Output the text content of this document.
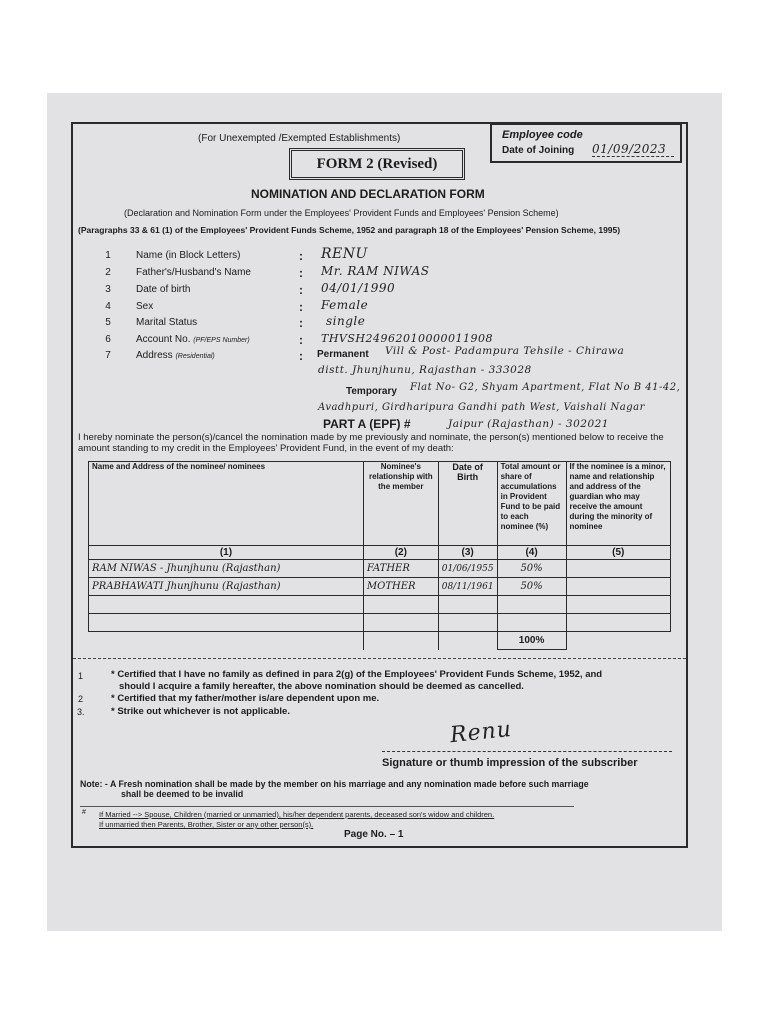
(For Unexempted /Exempted Establishments)	Employee code
Date of Joining 01/09/2023
FORM 2 (Revised)
NOMINATION AND DECLARATION FORM
(Declaration and Nomination Form under the Employees' Provident Funds and Employees' Pension Scheme)
(Paragraphs 33 & 61 (1) of the Employees' Provident Funds Scheme, 1952 and paragraph 18 of the Employees' Pension Scheme, 1995)
1	Name (in Block Letters)	: RENU
2	Father's/Husband's Name	: Mr. RAM NIWAS
3	Date of birth	: 04/01/1990
4	Sex	: Female
5	Marital Status	: single
6	Account No. (PF/EPS Number)	: THVSH24962010000011908
7	Address (Residential)	: Permanent Vill & Post- Padampura Tehsile - Chirawa
distt. Jhunjhunu, Rajasthan - 333028
Temporary Flat No- G2, Shyam Apartment, Flat No B 41-42,
Avadhpuri, Girdharipura Gandhi path West, Vaishali Nagar
Jaipur (Rajasthan) - 302021
PART A (EPF) #
I hereby nominate the person(s)/cancel the nomination made by me previously and nominate, the person(s) mentioned below to receive the amount standing to my credit in the Employees' Provident Fund, in the event of my death:
Name and Address of the nominee/ nominees	Nominee's relationship with the member	Date of Birth	Total amount or share of accumulations in Provident Fund to be paid to each nominee (%)	If the nominee is a minor, name and relationship and address of the guardian who may receive the amount during the minority of nominee
(1)	(2)	(3)	(4)	(5)
RAM NIWAS - Jhunjhunu (Rajasthan)	FATHER	01/06/1955	50%	
PRABHAWATI Jhunjhunu (Rajasthan)	MOTHER	08/11/1961	50%	

			100%	
1	* Certified that I have no family as defined in para 2(g) of the Employees' Provident Funds Scheme, 1952, and
should I acquire a family hereafter, the above nomination should be deemed as cancelled.
2	* Certified that my father/mother is/are dependent upon me.
3.	* Strike out whichever is not applicable.
Renu
Signature or thumb impression of the subscriber
Note: - A Fresh nomination shall be made by the member on his marriage and any nomination made before such marriage
shall be deemed to be invalid
# If Married --> Spouse, Children (married or unmarried), his/her dependent parents, deceased son's widow and children.
If unmarried then Parents, Brother, Sister or any other person(s).
Page No. – 1
